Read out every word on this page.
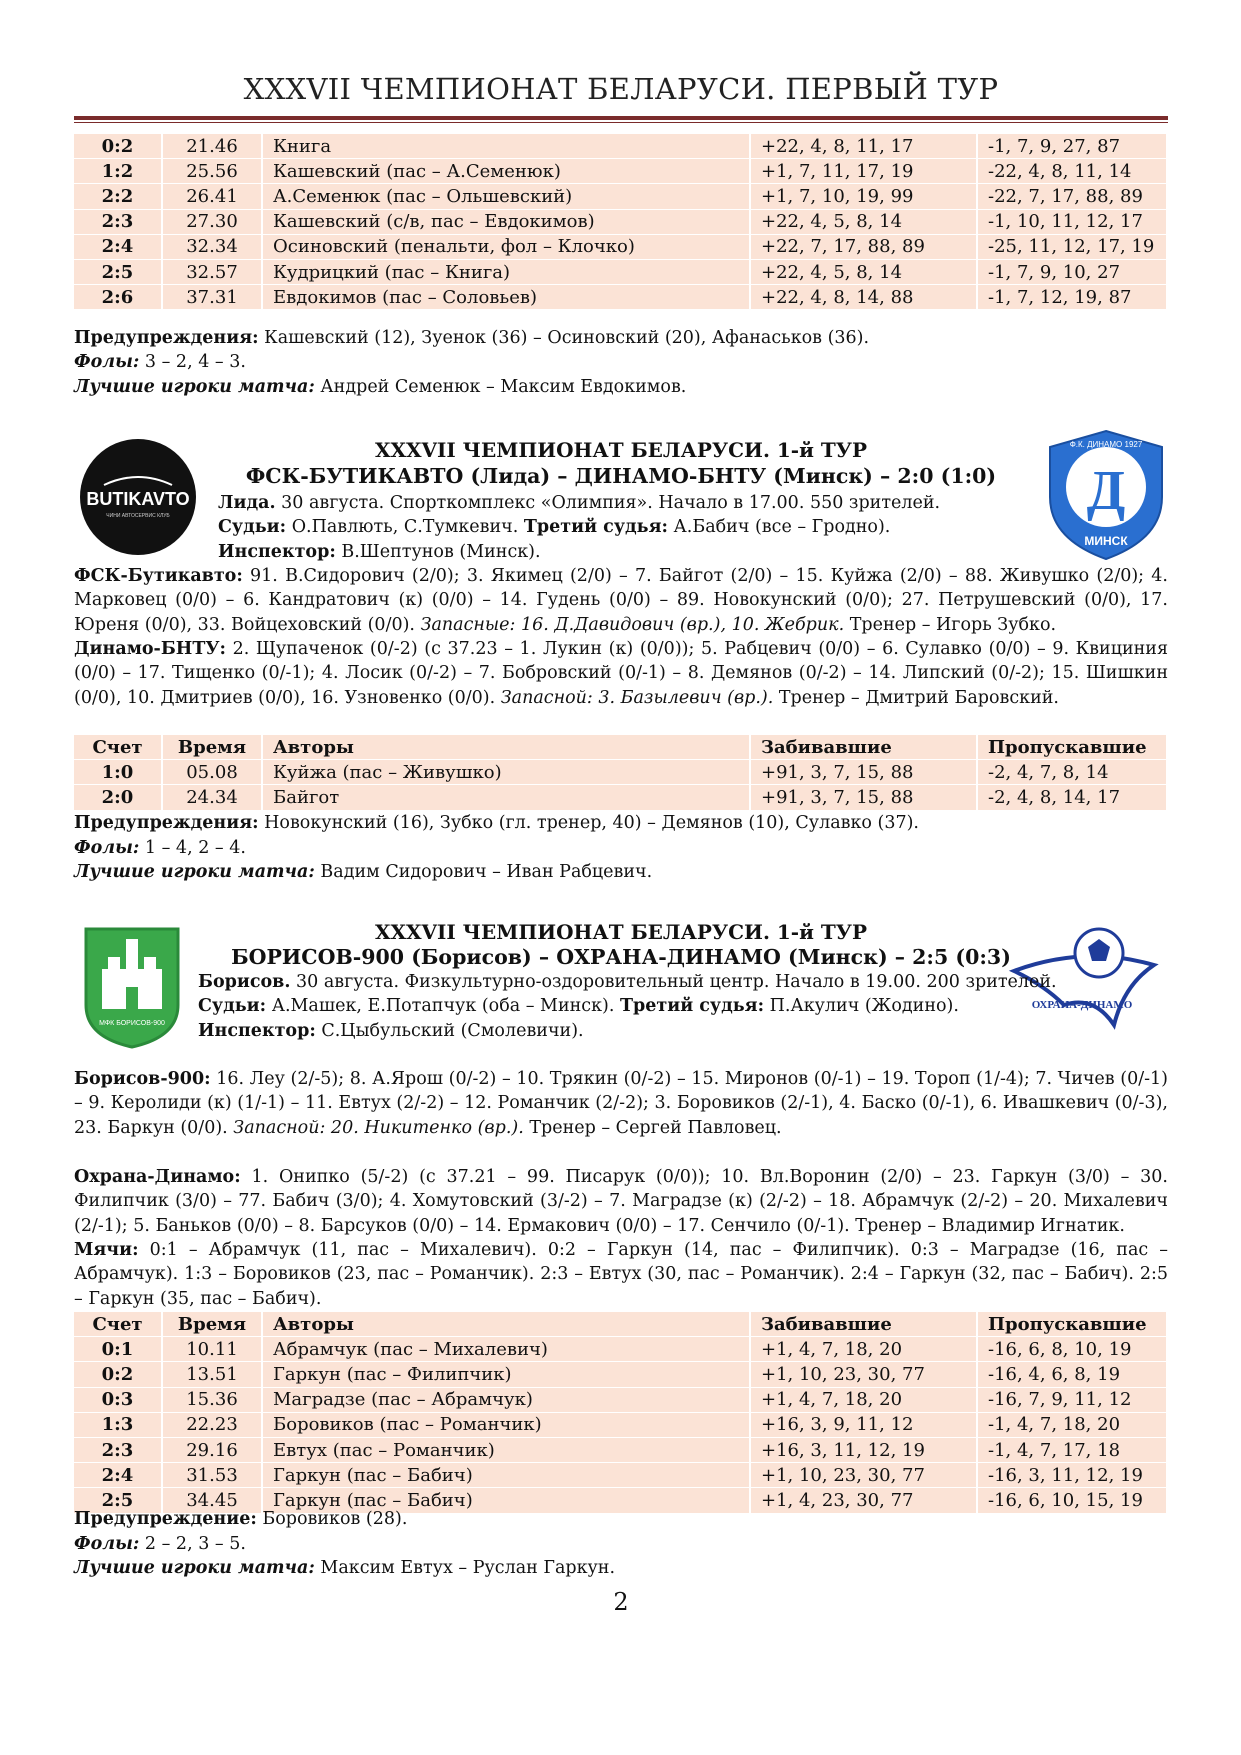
XXXVII ЧЕМПИОНАТ БЕЛАРУСИ. ПЕРВЫЙ ТУР
0:2	21.46	Книга	+22, 4, 8, 11, 17	-1, 7, 9, 27, 87
1:2	25.56	Кашевский (пас – А.Семенюк)	+1, 7, 11, 17, 19	-22, 4, 8, 11, 14
2:2	26.41	А.Семенюк (пас – Ольшевский)	+1, 7, 10, 19, 99	-22, 7, 17, 88, 89
2:3	27.30	Кашевский (с/в, пас – Евдокимов)	+22, 4, 5, 8, 14	-1, 10, 11, 12, 17
2:4	32.34	Осиновский (пенальти, фол – Клочко)	+22, 7, 17, 88, 89	-25, 11, 12, 17, 19
2:5	32.57	Кудрицкий (пас – Книга)	+22, 4, 5, 8, 14	-1, 7, 9, 10, 27
2:6	37.31	Евдокимов (пас – Соловьев)	+22, 4, 8, 14, 88	-1, 7, 12, 19, 87
Предупреждения: Кашевский (12), Зуенок (36) – Осиновский (20), Афанаськов (36).
Фолы: 3 – 2, 4 – 3.
Лучшие игроки матча: Андрей Семенюк – Максим Евдокимов.
XXXVII ЧЕМПИОНАТ БЕЛАРУСИ. 1-й ТУР
ФСК-БУТИКАВТО (Лида) – ДИНАМО-БНТУ (Минск) – 2:0 (1:0)
BUTIKAVTO
ЧИНИ АВТОСЕРВИС КЛУБ	Д
Ф.К. ДИНАМО 1927
МИНСК
Лида. 30 августа. Спорткомплекс «Олимпия». Начало в 17.00. 550 зрителей.
Судьи: О.Павлють, С.Тумкевич. Третий судья: А.Бабич (все – Гродно).
Инспектор: В.Шептунов (Минск).
ФСК-Бутикавто: 91. В.Сидорович (2/0); 3. Якимец (2/0) – 7. Байгот (2/0) – 15. Куйжа (2/0) – 88. Живушко (2/0); 4. Марковец (0/0) – 6. Кандратович (к) (0/0) – 14. Гудень (0/0) – 89. Новокунский (0/0); 27. Петрушевский (0/0), 17. Юреня (0/0), 33. Войцеховский (0/0). Запасные: 16. Д.Давидович (вр.), 10. Жебрик. Тренер – Игорь Зубко.
Динамо-БНТУ: 2. Щупаченок (0/-2) (с 37.23 – 1. Лукин (к) (0/0)); 5. Рабцевич (0/0) – 6. Сулавко (0/0) – 9. Квициния (0/0) – 17. Тищенко (0/-1); 4. Лосик (0/-2) – 7. Бобровский (0/-1) – 8. Демянов (0/-2) – 14. Липский (0/-2); 15. Шишкин (0/0), 10. Дмитриев (0/0), 16. Узновенко (0/0). Запасной: 3. Базылевич (вр.). Тренер – Дмитрий Баровский.
Счет	Время	Авторы	Забивавшие	Пропускавшие
1:0	05.08	Куйжа (пас – Живушко)	+91, 3, 7, 15, 88	-2, 4, 7, 8, 14
2:0	24.34	Байгот	+91, 3, 7, 15, 88	-2, 4, 8, 14, 17
Предупреждения: Новокунский (16), Зубко (гл. тренер, 40) – Демянов (10), Сулавко (37).
Фолы: 1 – 4, 2 – 4.
Лучшие игроки матча: Вадим Сидорович – Иван Рабцевич.
XXXVII ЧЕМПИОНАТ БЕЛАРУСИ. 1-й ТУР
БОРИСОВ-900 (Борисов) – ОХРАНА-ДИНАМО (Минск) – 2:5 (0:3)
МФК БОРИСОВ-900
ОХРАНА-ДИНАМО
Борисов. 30 августа. Физкультурно-оздоровительный центр. Начало в 19.00. 200 зрителей.
Судьи: А.Машек, Е.Потапчук (оба – Минск). Третий судья: П.Акулич (Жодино).
Инспектор: С.Цыбульский (Смолевичи).
Борисов-900: 16. Леу (2/-5); 8. А.Ярош (0/-2) – 10. Трякин (0/-2) – 15. Миронов (0/-1) – 19. Тороп (1/-4); 7. Чичев (0/-1) – 9. Керолиди (к) (1/-1) – 11. Евтух (2/-2) – 12. Романчик (2/-2); 3. Боровиков (2/-1), 4. Баско (0/-1), 6. Ивашкевич (0/-3), 23. Баркун (0/0). Запасной: 20. Никитенко (вр.). Тренер – Сергей Павловец.
Охрана-Динамо: 1. Онипко (5/-2) (с 37.21 – 99. Писарук (0/0)); 10. Вл.Воронин (2/0) – 23. Гаркун (3/0) – 30. Филипчик (3/0) – 77. Бабич (3/0); 4. Хомутовский (3/-2) – 7. Маградзе (к) (2/-2) – 18. Абрамчук (2/-2) – 20. Михалевич (2/-1); 5. Баньков (0/0) – 8. Барсуков (0/0) – 14. Ермакович (0/0) – 17. Сенчило (0/-1). Тренер – Владимир Игнатик.
Мячи: 0:1 – Абрамчук (11, пас – Михалевич). 0:2 – Гаркун (14, пас – Филипчик). 0:3 – Маградзе (16, пас – Абрамчук). 1:3 – Боровиков (23, пас – Романчик). 2:3 – Евтух (30, пас – Романчик). 2:4 – Гаркун (32, пас – Бабич). 2:5 – Гаркун (35, пас – Бабич).
Счет	Время	Авторы	Забивавшие	Пропускавшие
0:1	10.11	Абрамчук (пас – Михалевич)	+1, 4, 7, 18, 20	-16, 6, 8, 10, 19
0:2	13.51	Гаркун (пас – Филипчик)	+1, 10, 23, 30, 77	-16, 4, 6, 8, 19
0:3	15.36	Маградзе (пас – Абрамчук)	+1, 4, 7, 18, 20	-16, 7, 9, 11, 12
1:3	22.23	Боровиков (пас – Романчик)	+16, 3, 9, 11, 12	-1, 4, 7, 18, 20
2:3	29.16	Евтух (пас – Романчик)	+16, 3, 11, 12, 19	-1, 4, 7, 17, 18
2:4	31.53	Гаркун (пас – Бабич)	+1, 10, 23, 30, 77	-16, 3, 11, 12, 19
2:5	34.45	Гаркун (пас – Бабич)	+1, 4, 23, 30, 77	-16, 6, 10, 15, 19
Предупреждение: Боровиков (28).
Фолы: 2 – 2, 3 – 5.
Лучшие игроки матча: Максим Евтух – Руслан Гаркун.
2
